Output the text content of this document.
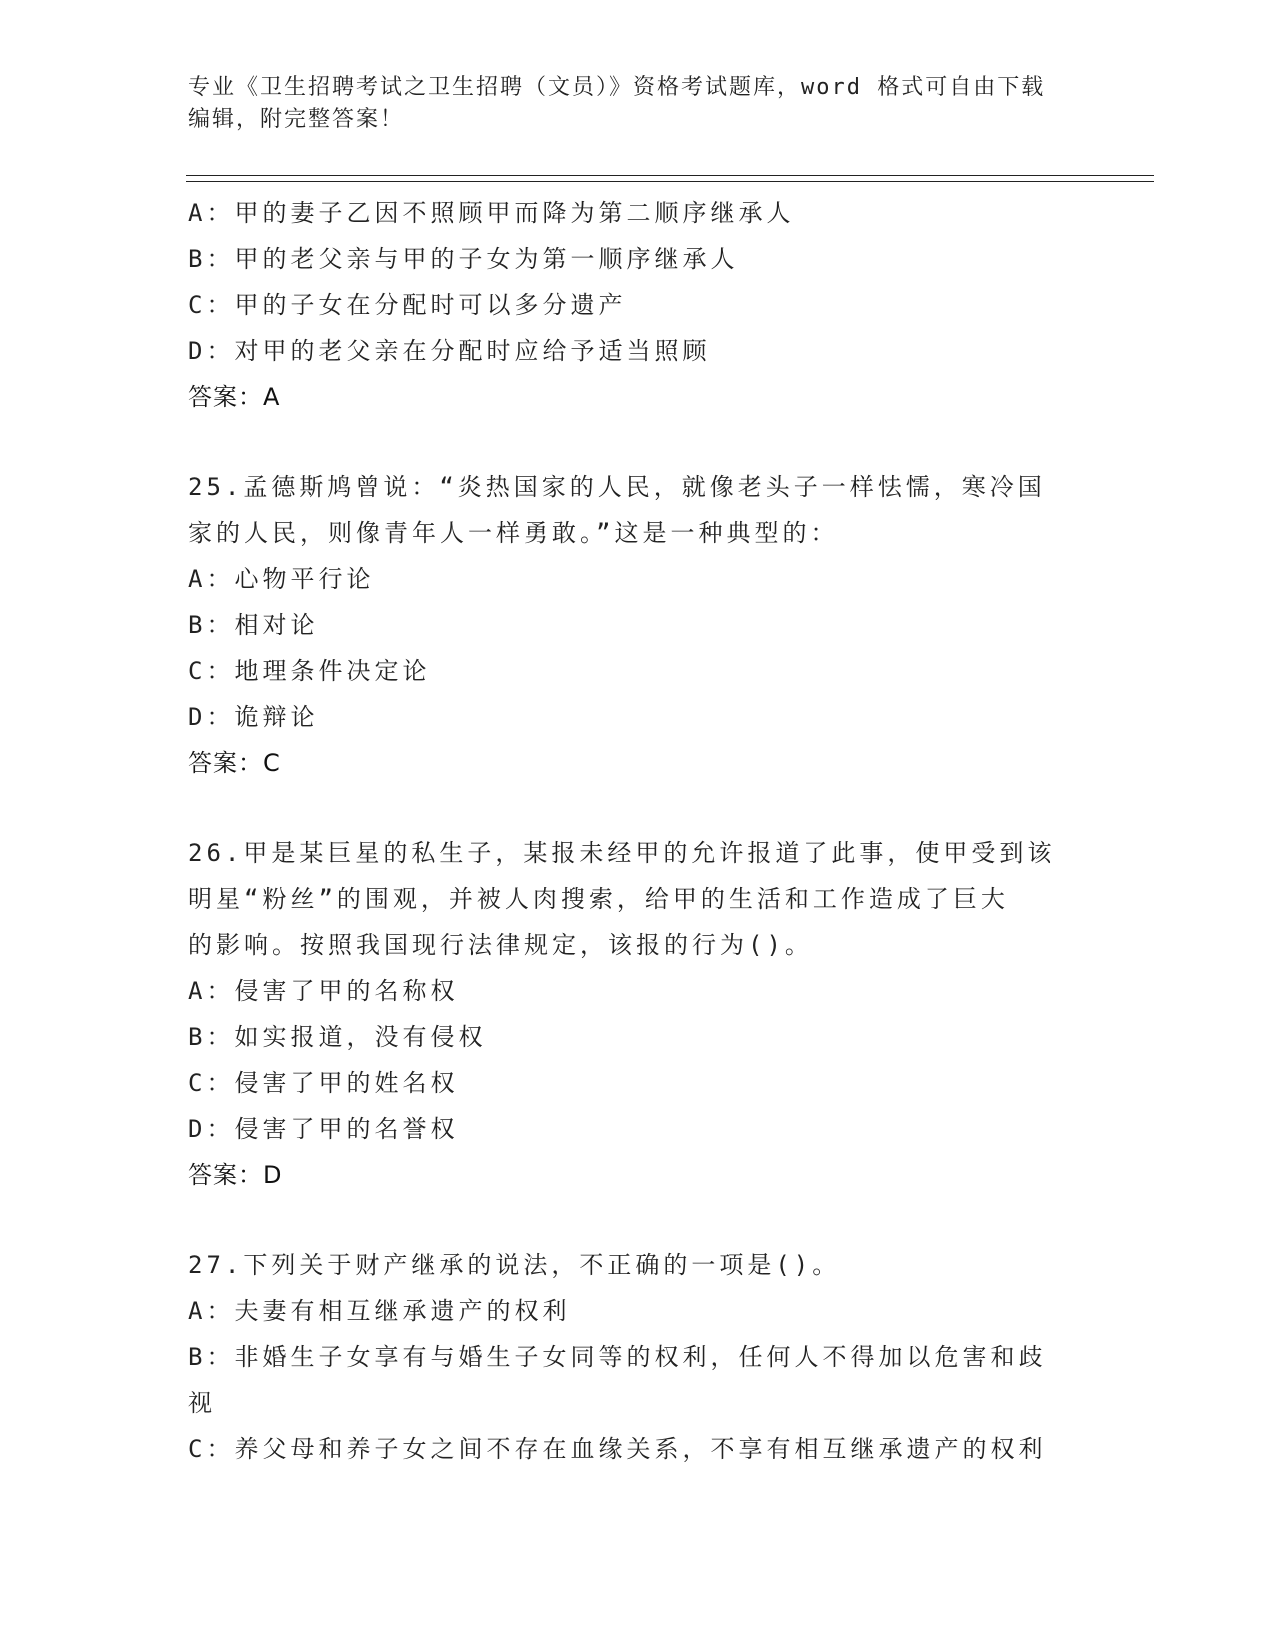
专业《卫生招聘考试之卫生招聘（文员）》资格考试题库，word 格式可自由下载
编辑，附完整答案！
A：甲的妻子乙因不照顾甲而降为第二顺序继承人
B：甲的老父亲与甲的子女为第一顺序继承人
C：甲的子女在分配时可以多分遗产
D：对甲的老父亲在分配时应给予适当照顾
答案：A
25.孟德斯鸠曾说：“炎热国家的人民，就像老头子一样怯懦，寒冷国
家的人民，则像青年人一样勇敢。”这是一种典型的：
A：心物平行论
B：相对论
C：地理条件决定论
D：诡辩论
答案：C
26.甲是某巨星的私生子，某报未经甲的允许报道了此事，使甲受到该
明星“粉丝”的围观，并被人肉搜索，给甲的生活和工作造成了巨大
的影响。按照我国现行法律规定，该报的行为()。
A：侵害了甲的名称权
B：如实报道，没有侵权
C：侵害了甲的姓名权
D：侵害了甲的名誉权
答案：D
27.下列关于财产继承的说法，不正确的一项是()。
A：夫妻有相互继承遗产的权利
B：非婚生子女享有与婚生子女同等的权利，任何人不得加以危害和歧
视
C：养父母和养子女之间不存在血缘关系，不享有相互继承遗产的权利
